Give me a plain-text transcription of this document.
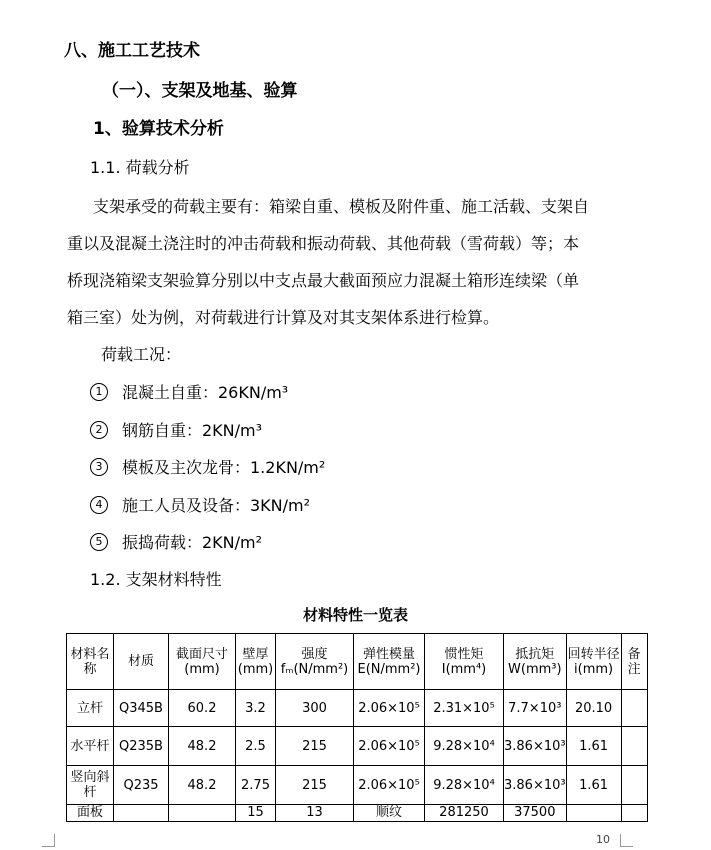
八、施工工艺技术
（一）、支架及地基、验算
1、验算技术分析
1.1. 荷载分析

支架承受的荷载主要有：箱梁自重、模板及附件重、施工活载、支架自

重以及混凝土浇注时的冲击荷载和振动荷载、其他荷载（雪荷载）等；本

桥现浇箱梁支架验算分别以中支点最大截面预应力混凝土箱形连续梁（单

箱三室）处为例，对荷载进行计算及对其支架体系进行检算。

荷载工况：
1	混凝土自重：26KN/m³
2	钢筋自重：2KN/m³
3	模板及主次龙骨：1.2KN/m²
4	施工人员及设备：3KN/m²
5	振捣荷载：2KN/m²
1.2. 支架材料特性
材料特性一览表
材料名称	材质	截面尺寸(mm)	壁厚(mm)	强度fₘ(N/mm²)	弹性模量E(N/mm²)	惯性矩I(mm⁴)	抵抗矩W(mm³)	回转半径i(mm)	备注
立杆	Q345B	60.2	3.2	300	2.06×10⁵	2.31×10⁵	7.7×10³	20.10	
水平杆	Q235B	48.2	2.5	215	2.06×10⁵	9.28×10⁴	3.86×10³	1.61	
竖向斜杆	Q235	48.2	2.75	215	2.06×10⁵	9.28×10⁴	3.86×10³	1.61	
面板			15	13	顺纹	281250	37500		
10
